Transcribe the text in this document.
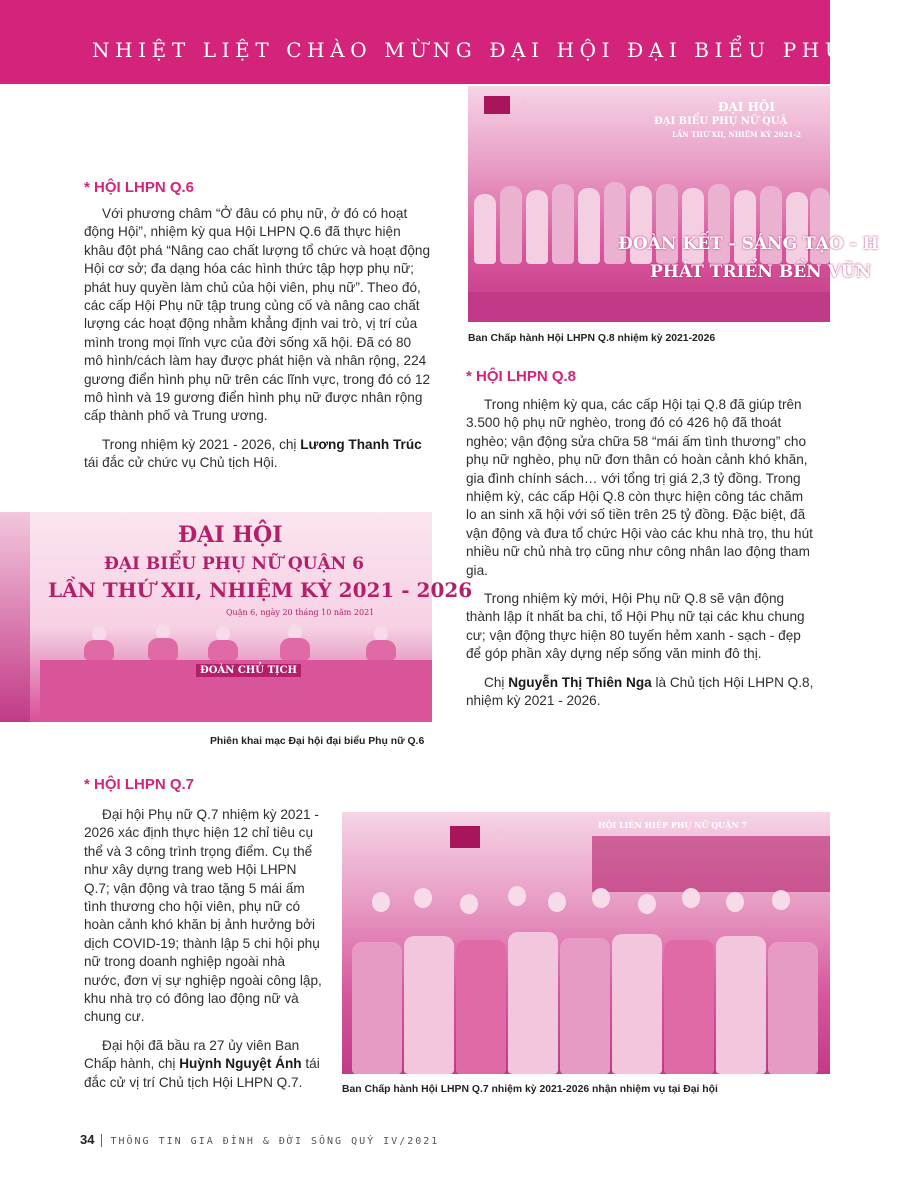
NHIỆT LIỆT CHÀO MỪNG ĐẠI HỘI ĐẠI BIỂU PHỤ NỮ
★	ĐẠI HỘI
ĐẠI BIỂU PHỤ NỮ QUẬ
LẦN THỨ XII, NHIỆM KỲ 2021-2
ĐOÀN KẾT - SÁNG TẠO - H
PHÁT TRIỂN BỀN VỮN
Ban Chấp hành Hội LHPN Q.8 nhiệm kỳ 2021-2026
* HỘI LHPN Q.6

Với phương châm “Ở đâu có phụ nữ, ở đó có hoạt động Hội”, nhiệm kỳ qua Hội LHPN Q.6 đã thực hiện khâu đột phá “Nâng cao chất lượng tổ chức và hoạt động Hội cơ sở; đa dạng hóa các hình thức tập hợp phụ nữ; phát huy quyền làm chủ của hội viên, phụ nữ”. Theo đó, các cấp Hội Phụ nữ tập trung củng cố và nâng cao chất lượng các hoạt động nhằm khẳng định vai trò, vị trí của mình trong mọi lĩnh vực của đời sống xã hội. Đã có 80 mô hình/cách làm hay được phát hiện và nhân rộng, 224 gương điển hình phụ nữ trên các lĩnh vực, trong đó có 12 mô hình và 19 gương điển hình phụ nữ được nhân rộng cấp thành phố và Trung ương.

Trong nhiệm kỳ 2021 - 2026, chị Lương Thanh Trúc tái đắc cử chức vụ Chủ tịch Hội.

ĐẠI HỘI
ĐẠI BIỂU PHỤ NỮ QUẬN 6
LẦN THỨ XII, NHIỆM KỲ 2021 - 2026
Quận 6, ngày 20 tháng 10 năm 2021
ĐOÀN CHỦ TỊCH
Phiên khai mạc Đại hội đại biểu Phụ nữ Q.6
* HỘI LHPN Q.8

Trong nhiệm kỳ qua, các cấp Hội tại Q.8 đã giúp trên 3.500 hộ phụ nữ nghèo, trong đó có 426 hộ đã thoát nghèo; vận động sửa chữa 58 “mái ấm tình thương” cho phụ nữ nghèo, phụ nữ đơn thân có hoàn cảnh khó khăn, gia đình chính sách… với tổng trị giá 2,3 tỷ đồng. Trong nhiệm kỳ, các cấp Hội Q.8 còn thực hiện công tác chăm lo an sinh xã hội với số tiền trên 25 tỷ đồng. Đặc biệt, đã vận động và đưa tổ chức Hội vào các khu nhà trọ, thu hút nhiều nữ chủ nhà trọ cũng như công nhân lao động tham gia.

Trong nhiệm kỳ mới, Hội Phụ nữ Q.8 sẽ vận động thành lập ít nhất ba chi, tổ Hội Phụ nữ tại các khu chung cư; vận động thực hiện 80 tuyến hẻm xanh - sạch - đẹp để góp phần xây dựng nếp sống văn minh đô thị.

Chị Nguyễn Thị Thiên Nga là Chủ tịch Hội LHPN Q.8, nhiệm kỳ 2021 - 2026.

* HỘI LHPN Q.7

Đại hội Phụ nữ Q.7 nhiệm kỳ 2021 - 2026 xác định thực hiện 12 chỉ tiêu cụ thể và 3 công trình trọng điểm. Cụ thể như xây dựng trang web Hội LHPN Q.7; vận động và trao tặng 5 mái ấm tình thương cho hội viên, phụ nữ có hoàn cảnh khó khăn bị ảnh hưởng bởi dịch COVID-19; thành lập 5 chi hội phụ nữ trong doanh nghiệp ngoài nhà nước, đơn vị sự nghiệp ngoài công lập, khu nhà trọ có đông lao động nữ và chung cư.

Đại hội đã bầu ra 27 ủy viên Ban Chấp hành, chị Huỳnh Nguyệt Ánh tái đắc cử vị trí Chủ tịch Hội LHPN Q.7.

★	HỘI LIÊN HIỆP PHỤ NỮ QUẬN 7
Ban Chấp hành Hội LHPN Q.7 nhiệm kỳ 2021-2026 nhận nhiệm vụ tại Đại hội
34 THÔNG TIN GIA ĐÌNH & ĐỜI SỐNG QUÝ IV/2021
